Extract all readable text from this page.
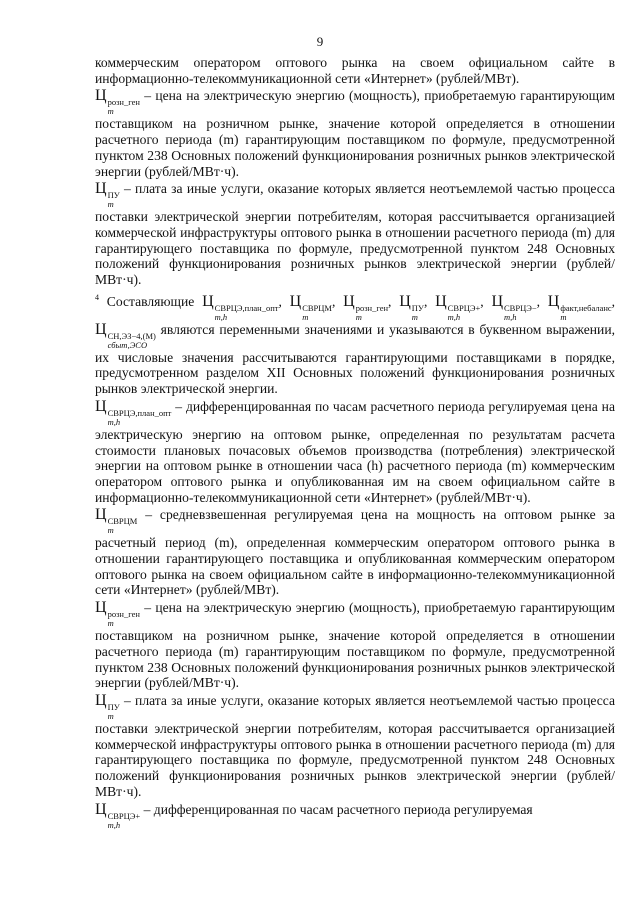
9

коммерческим оператором оптового рынка на своем официальном сайте в информационно-телекоммуникационной сети «Интернет» (рублей/МВт).

Ц розн_ген
m
– цена на электрическую энергию (мощность), приобретаемую гарантирующим поставщиком на розничном рынке, значение которой определяется в отношении расчетного периода (m) гарантирующим поставщиком по формуле, предусмотренной пунктом 238 Основных положений функционирования розничных рынков электрической энергии (рублей/МВт·ч).

Ц ПУ
m
– плата за иные услуги, оказание которых является неотъемлемой частью процесса поставки электрической энергии потребителям, которая рассчитывается организацией коммерческой инфраструктуры оптового рынка в отношении расчетного периода (m) для гарантирующего поставщика по формуле, предусмотренной пунктом 248 Основных положений функционирования розничных рынков электрической энергии (рублей/МВт·ч).

$^4$ Составляющие Ц СВРЦЭ,план_опт
m,h
, Ц СВРЦМ
m
, Ц розн_ген
m
, Ц ПУ
m
, Ц СВРЦЭ+
m,h
, Ц СВРЦЭ−
m,h
, Ц факт,небаланс
m
, Ц СН,ЭЗ−4,(M)
сбыт,ЭСО
являются переменными значениями и указываются в буквенном выражении, их числовые значения рассчитываются гарантирующими поставщиками в порядке, предусмотренном разделом XII Основных положений функционирования розничных рынков электрической энергии.

Ц СВРЦЭ,план_опт
m,h
– дифференцированная по часам расчетного периода регулируемая цена на электрическую энергию на оптовом рынке, определенная по результатам расчета стоимости плановых почасовых объемов производства (потребления) электрической энергии на оптовом рынке в отношении часа (h) расчетного периода (m) коммерческим оператором оптового рынка и опубликованная им на своем официальном сайте в информационно-телекоммуникационной сети «Интернет» (рублей/МВт·ч).

Ц СВРЦМ
m
– средневзвешенная регулируемая цена на мощность на оптовом рынке за расчетный период (m), определенная коммерческим оператором оптового рынка в отношении гарантирующего поставщика и опубликованная коммерческим оператором оптового рынка на своем официальном сайте в информационно-телекоммуникационной сети «Интернет» (рублей/МВт).

Ц розн_ген
m
– цена на электрическую энергию (мощность), приобретаемую гарантирующим поставщиком на розничном рынке, значение которой определяется в отношении расчетного периода (m) гарантирующим поставщиком по формуле, предусмотренной пунктом 238 Основных положений функционирования розничных рынков электрической энергии (рублей/МВт·ч).

Ц ПУ
m
– плата за иные услуги, оказание которых является неотъемлемой частью процесса поставки электрической энергии потребителям, которая рассчитывается организацией коммерческой инфраструктуры оптового рынка в отношении расчетного периода (m) для гарантирующего поставщика по формуле, предусмотренной пунктом 248 Основных положений функционирования розничных рынков электрической энергии (рублей/МВт·ч).

Ц СВРЦЭ+
m,h
– дифференцированная по часам расчетного периода регулируемая
